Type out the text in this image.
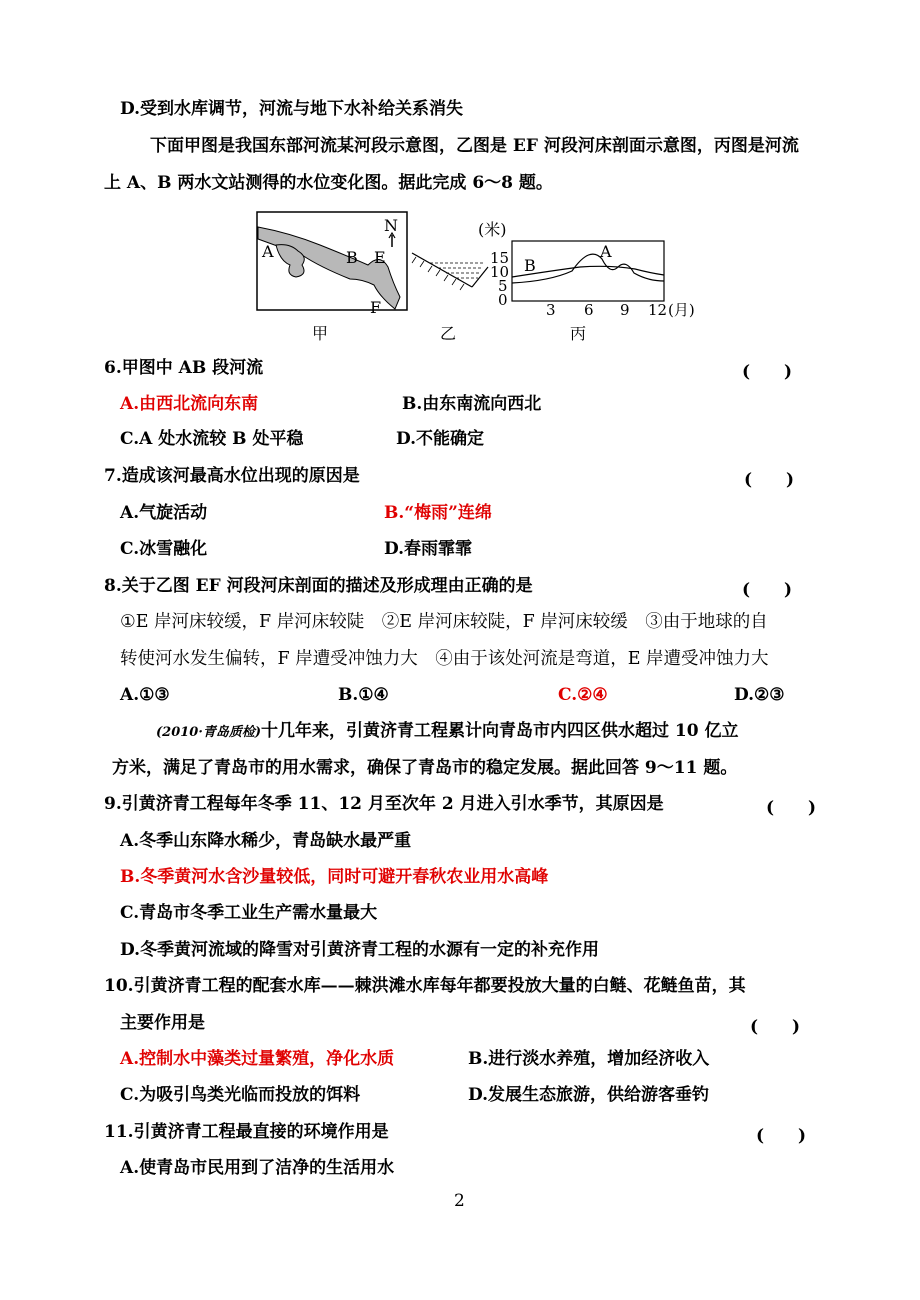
D.受到水库调节，河流与地下水补给关系消失
下面甲图是我国东部河流某河段示意图，乙图是 EF 河段河床剖面示意图，丙图是河流
上 A、B 两水文站测得的水位变化图。据此完成 6～8 题。
A	B E
F
N
甲	乙
(米)
15
10
5
0
3 6 9 12 (月)
B
A
丙
6.甲图中 AB 段河流	(　　)
A.由西北流向东南	B.由东南流向西北
C.A 处水流较 B 处平稳	D.不能确定
7.造成该河最高水位出现的原因是	(　　)
A.气旋活动	B.“梅雨”连绵
C.冰雪融化	D.春雨霏霏
8.关于乙图 EF 河段河床剖面的描述及形成理由正确的是	(　　)
①E 岸河床较缓，F 岸河床较陡　②E 岸河床较陡，F 岸河床较缓　③由于地球的自
转使河水发生偏转，F 岸遭受冲蚀力大　④由于该处河流是弯道，E 岸遭受冲蚀力大
A.①③	B.①④	C.②④	D.②③
(2010·青岛质检)十几年来，引黄济青工程累计向青岛市内四区供水超过 10 亿立
方米，满足了青岛市的用水需求，确保了青岛市的稳定发展。据此回答 9～11 题。
9.引黄济青工程每年冬季 11、12 月至次年 2 月进入引水季节，其原因是	(　　)
A.冬季山东降水稀少，青岛缺水最严重
B.冬季黄河水含沙量较低，同时可避开春秋农业用水高峰
C.青岛市冬季工业生产需水量最大
D.冬季黄河流域的降雪对引黄济青工程的水源有一定的补充作用
10.引黄济青工程的配套水库——棘洪滩水库每年都要投放大量的白鲢、花鲢鱼苗，其
主要作用是	(　　)
A.控制水中藻类过量繁殖，净化水质	B.进行淡水养殖，增加经济收入
C.为吸引鸟类光临而投放的饵料	D.发展生态旅游，供给游客垂钓
11.引黄济青工程最直接的环境作用是	(　　)
A.使青岛市民用到了洁净的生活用水
2
